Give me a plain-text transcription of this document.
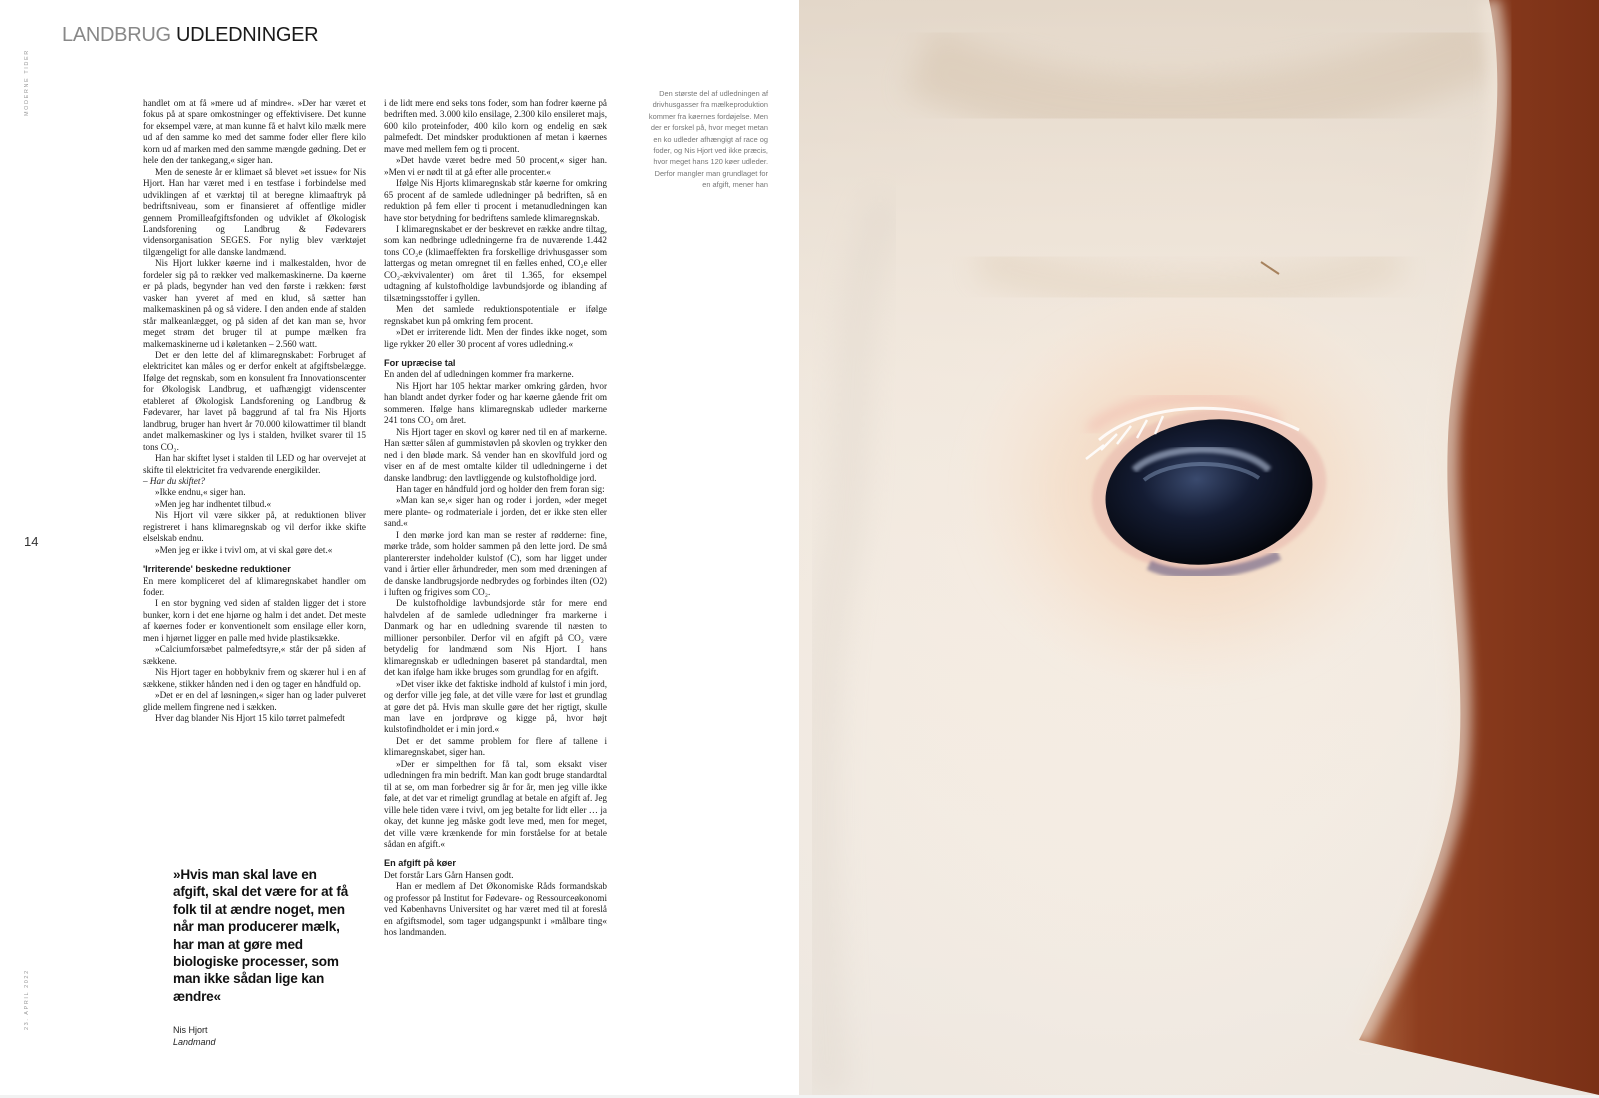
LANDBRUG UDLEDNINGER
MODERNE TIDER
14
23. APRIL 2022

handlet om at få »mere ud af mindre«. »Der har været et fokus på at spare omkostninger og effektivisere. Det kunne for eksempel være, at man kunne få et halvt kilo mælk mere ud af den samme ko med det samme foder eller flere kilo korn ud af marken med den samme mængde gødning. Det er hele den der tankegang,« siger han.

Men de seneste år er klimaet så blevet »et issue« for Nis Hjort. Han har været med i en testfase i forbindelse med udviklingen af et værktøj til at beregne klimaaftryk på bedriftsniveau, som er finansieret af offentlige midler gennem Promilleafgiftsfonden og udviklet af Økologisk Landsforening og Landbrug & Fødevarers vidensorganisation SEGES. For nylig blev værktøjet tilgængeligt for alle danske landmænd.

Nis Hjort lukker køerne ind i malkestalden, hvor de fordeler sig på to rækker ved malkemaskinerne. Da køerne er på plads, begynder han ved den første i rækken: først vasker han yveret af med en klud, så sætter han malkemaskinen på og så videre. I den anden ende af stalden står malkeanlægget, og på siden af det kan man se, hvor meget strøm det bruger til at pumpe mælken fra malkemaskinerne ud i køletanken – 2.560 watt.

Det er den lette del af klimaregnskabet: Forbruget af elektricitet kan måles og er derfor enkelt at afgiftsbelægge. Ifølge det regnskab, som en konsulent fra Innovationscenter for Økologisk Landbrug, et uafhængigt videnscenter etableret af Økologisk Landsforening og Landbrug & Fødevarer, har lavet på baggrund af tal fra Nis Hjorts landbrug, bruger han hvert år 70.000 kilowattimer til blandt andet malkemaskiner og lys i stalden, hvilket svarer til 15 tons CO₂.

Han har skiftet lyset i stalden til LED og har overvejet at skifte til elektricitet fra vedvarende energikilder.

– Har du skiftet?

»Ikke endnu,« siger han.

»Men jeg har indhentet tilbud.«

Nis Hjort vil være sikker på, at reduktionen bliver registreret i hans klimaregnskab og vil derfor ikke skifte elselskab endnu.

»Men jeg er ikke i tvivl om, at vi skal gøre det.«

'Irriterende' beskedne reduktioner

En mere kompliceret del af klimaregnskabet handler om foder.

I en stor bygning ved siden af stalden ligger det i store bunker, korn i det ene hjørne og halm i det andet. Det meste af køernes foder er konventionelt som ensilage eller korn, men i hjørnet ligger en palle med hvide plastiksække.

»Calciumforsæbet palmefedtsyre,« står der på siden af sækkene.

Nis Hjort tager en hobbykniv frem og skærer hul i en af sækkene, stikker hånden ned i den og tager en håndfuld op.

»Det er en del af løsningen,« siger han og lader pulveret glide mellem fingrene ned i sækken.

Hver dag blander Nis Hjort 15 kilo tørret palmefedt

i de lidt mere end seks tons foder, som han fodrer køerne på bedriften med. 3.000 kilo ensilage, 2.300 kilo ensileret majs, 600 kilo proteinfoder, 400 kilo korn og endelig en sæk palmefedt. Det mindsker produktionen af metan i køernes mave med mellem fem og ti procent.

»Det havde været bedre med 50 procent,« siger han. »Men vi er nødt til at gå efter alle procenter.«

Ifølge Nis Hjorts klimaregnskab står køerne for omkring 65 procent af de samlede udledninger på bedriften, så en reduktion på fem eller ti procent i metanudledningen kan have stor betydning for bedriftens samlede klimaregnskab.

I klimaregnskabet er der beskrevet en række andre tiltag, som kan nedbringe udledningerne fra de nuværende 1.442 tons CO₂e (klimaeffekten fra forskellige drivhusgasser som lattergas og metan omregnet til en fælles enhed, CO₂e eller CO₂-ækvivalenter) om året til 1.365, for eksempel udtagning af kulstofholdige lavbundsjorde og iblanding af tilsætningsstoffer i gyllen.

Men det samlede reduktionspotentiale er ifølge regnskabet kun på omkring fem procent.

»Det er irriterende lidt. Men der findes ikke noget, som lige rykker 20 eller 30 procent af vores udledning.«

For upræcise tal

En anden del af udledningen kommer fra markerne.

Nis Hjort har 105 hektar marker omkring gården, hvor han blandt andet dyrker foder og har køerne gående frit om sommeren. Ifølge hans klimaregnskab udleder markerne 241 tons CO₂ om året.

Nis Hjort tager en skovl og kører ned til en af markerne. Han sætter sålen af gummistøvlen på skovlen og trykker den ned i den bløde mark. Så vender han en skovlfuld jord og viser en af de mest omtalte kilder til udledningerne i det danske landbrug: den lavtliggende og kulstofholdige jord.

Han tager en håndfuld jord og holder den frem foran sig:

»Man kan se,« siger han og roder i jorden, »der meget mere plante- og rodmateriale i jorden, det er ikke sten eller sand.«

I den mørke jord kan man se rester af rødderne: fine, mørke tråde, som holder sammen på den lette jord. De små plantererster indeholder kulstof (C), som har ligget under vand i årtier eller århundreder, men som med dræningen af de danske landbrugsjorde nedbrydes og forbindes ilten (O2) i luften og frigives som CO₂.

De kulstofholdige lavbundsjorde står for mere end halvdelen af de samlede udledninger fra markerne i Danmark og har en udledning svarende til næsten to millioner personbiler. Derfor vil en afgift på CO₂ være betydelig for landmænd som Nis Hjort. I hans klimaregnskab er udledningen baseret på standardtal, men det kan ifølge ham ikke bruges som grundlag for en afgift.

»Det viser ikke det faktiske indhold af kulstof i min jord, og derfor ville jeg føle, at det ville være for løst et grundlag at gøre det på. Hvis man skulle gøre det her rigtigt, skulle man lave en jordprøve og kigge på, hvor højt kulstofindholdet er i min jord.«

Det er det samme problem for flere af tallene i klimaregnskabet, siger han.

»Der er simpelthen for få tal, som eksakt viser udledningen fra min bedrift. Man kan godt bruge standardtal til at se, om man forbedrer sig år for år, men jeg ville ikke føle, at det var et rimeligt grundlag at betale en afgift af. Jeg ville hele tiden være i tvivl, om jeg betalte for lidt eller … ja okay, det kunne jeg måske godt leve med, men for meget, det ville være krænkende for min forståelse for at betale sådan en afgift.«

En afgift på køer

Det forstår Lars Gårn Hansen godt.

Han er medlem af Det Økonomiske Råds formandskab og professor på Institut for Fødevare- og Ressourceøkonomi ved Københavns Universitet og har været med til at foreslå en afgiftsmodel, som tager udgangspunkt i »målbare ting« hos landmanden.

Den største del af udledningen af drivhusgasser fra mælkeproduktion kommer fra køernes fordøjelse. Men der er forskel på, hvor meget metan en ko udleder afhængigt af race og foder, og Nis Hjort ved ikke præcis, hvor meget hans 120 køer udleder. Derfor mangler man grundlaget for en afgift, mener han
»Hvis man skal lave en afgift, skal det være for at få folk til at ændre noget, men når man producerer mælk, har man at gøre med biologiske processer, som man ikke sådan lige kan ændre«
Nis Hjort
Landmand
